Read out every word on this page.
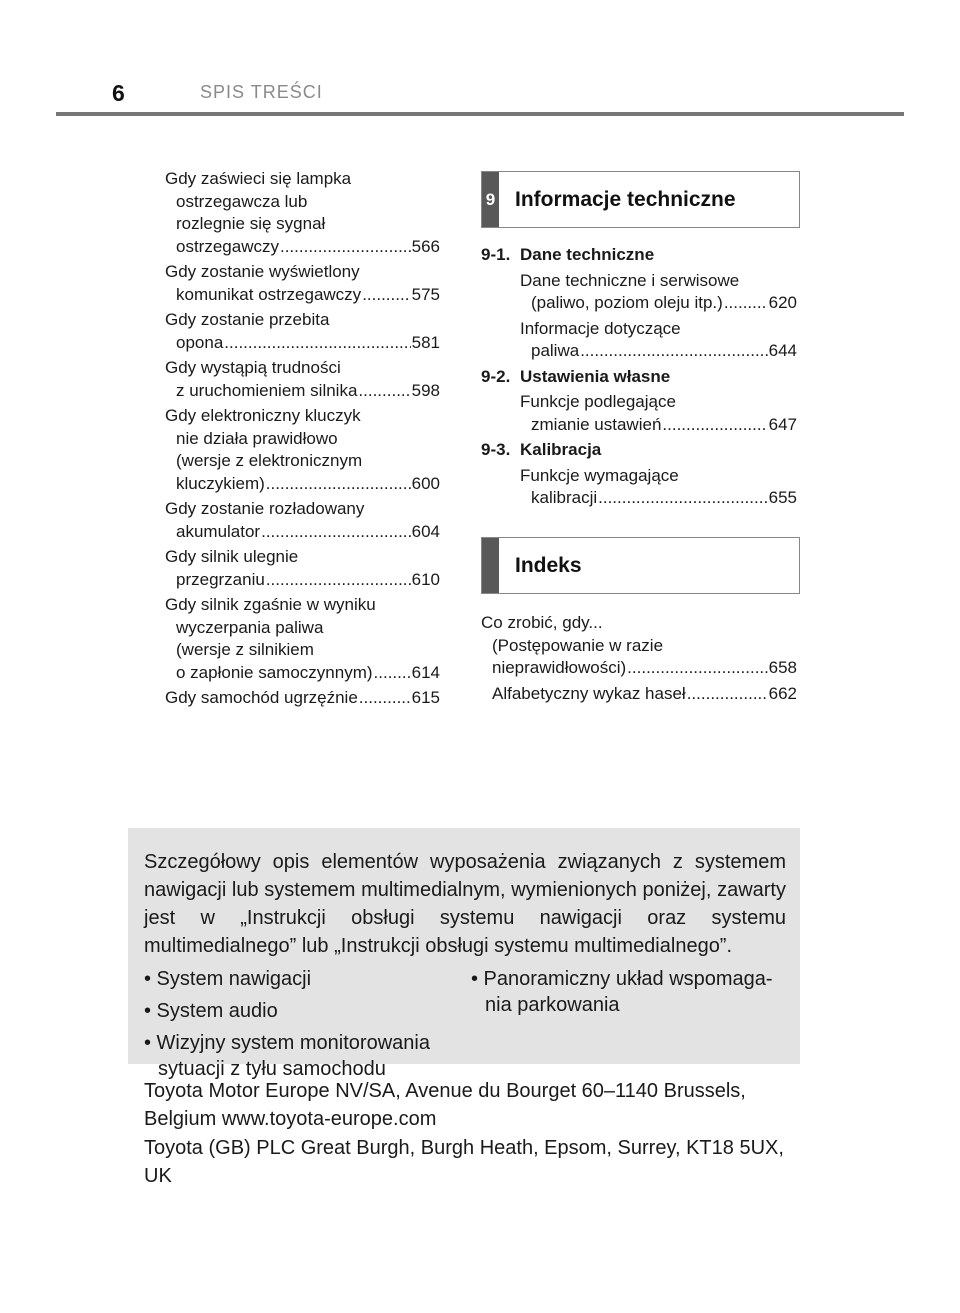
6	SPIS TREŚCI
Gdy zaświeci się lampka
ostrzegawcza lub
rozlegnie się sygnał
ostrzegawczy .....	566
Gdy zostanie wyświetlony
komunikat ostrzegawczy .....	575
Gdy zostanie przebita
opona .....	581
Gdy wystąpią trudności
z uruchomieniem silnika .....	598
Gdy elektroniczny kluczyk
nie działa prawidłowo
(wersje z elektronicznym
kluczykiem) .....	600
Gdy zostanie rozładowany
akumulator .....	604
Gdy silnik ulegnie
przegrzaniu .....	610
Gdy silnik zgaśnie w wyniku
wyczerpania paliwa
(wersje z silnikiem
o zapłonie samoczynnym) ..... 614
Gdy samochód ugrzęźnie .....	615
9 Informacje techniczne
9-1. Dane techniczne
Dane techniczne i serwisowe
(paliwo, poziom oleju itp.) .....	620
Informacje dotyczące
paliwa .....	644
9-2. Ustawienia własne
Funkcje podlegające
zmianie ustawień .....	647
9-3. Kalibracja
Funkcje wymagające
kalibracji .....	655
Indeks
Co zrobić, gdy...
(Postępowanie w razie
nieprawidłowości) .....	658
Alfabetyczny wykaz haseł .....	662

Szczegółowy opis elementów wyposażenia związanych z systemem nawigacji lub systemem multimedialnym, wymienionych poniżej, zawarty jest w „Instrukcji obsługi systemu nawigacji oraz systemu multimedialnego” lub „Instrukcji obsługi systemu multimedialnego”.

• System nawigacji
• System audio
• Wizyjny system monitorowania
sytuacji z tyłu samochodu
• Panoramiczny układ wspomaga-
nia parkowania

Toyota Motor Europe NV/SA, Avenue du Bourget 60–1140 Brussels, Belgium www.toyota-europe.com

Toyota (GB) PLC Great Burgh, Burgh Heath, Epsom, Surrey, KT18 5UX, UK
